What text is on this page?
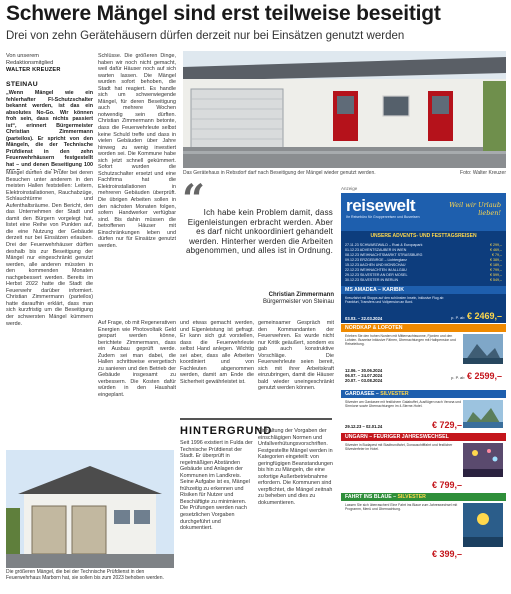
Schwere Mängel sind erst teilweise beseitigt
Drei von zehn Gerätehäusern dürfen derzeit nur bei Einsätzen genutzt werden
Von unserem Redaktionsmitglied
WALTER KREUZER
STEINAU
„Wenn Mängel wie ein fehlerhafter FI-Schutzschalter bekannt werden, ist das ein absolutes No-Go. Wir können froh sein, dass nichts passiert ist“, erinnert Bürgermeister Christian Zimmermann (parteilos). Er spricht von den Mängeln, die der Technische Prüfdienst in den zehn Feuerwehrhäusern festgestellt hat – und denen Beseitigung 100
Mängel durften die Prüfer bei deren Besuchen unter anderem in den meisten Hallen feststellen: Leitern, Elektroinstallationen, Rauchabzüge, Schlauchtürme und Aufenthaltsräume. Den Bericht, den das Unternehmen der Stadt und damit den Bürgern vorgelegt hat, listet eine Reihe von Punkten auf, die eine Nutzung der Gebäude derzeit nur bei Einsätzen erlauben. Drei der Feuerwehrhäuser dürften deshalb bis zur Beseitigung der Mängel nur eingeschränkt genutzt werden, alle anderen müssten in den kommenden Monaten nachgebessert werden. Bereits im Herbst 2022 hatte die Stadt die Feuerwehr darüber informiert. Christian Zimmermann (parteilos) hatte daraufhin erklärt, dass man sich kurzfristig um die Beseitigung der schwersten Mängel kümmern werde.
Schlüsse. Die größeren Dinge, haben wir noch nicht gemacht, weil dafür Häuser noch auf sich warten lassen. Die Mängel wurden sofort behoben, die Stadt hat reagiert. Es handle sich um schwerwiegende Mängel, für deren Beseitigung auch mehrere Wochen notwendig sein dürften. Christian Zimmermann betonte, dass die Feuerwehrleute selbst keine Schuld treffe und dass in vielen Gebäuden über Jahre hinweg zu wenig investiert worden sei. Die Kommune habe sich jetzt schnell gekümmert. Sofort wurden die Schutzschalter ersetzt und eine Fachfirma hat die Elektroinstallationen in mehreren Gebäuden überprüft. Die übrigen Arbeiten sollen in den nächsten Monaten folgen, sofern Handwerker verfügbar sind. Bis dahin müssen die betroffenen Häuser mit Einschränkungen leben und dürfen nur für Einsätze genutzt werden.
Auf Frage, ob mit Regenerativen Energien wie Photovoltaik Geld gespart werden könne, berichtete Zimmermann, dass ein Ausbau geprüft werde. Zudem sei man dabei, die Hallen schrittweise energetisch zu sanieren und den Betrieb der Gebäude insgesamt zu verbessern. Die Kosten dafür würden in den Haushalt eingeplant.
Das Gerätehaus in Rebsdorf darf nach Beseitigung der Mängel wieder genutzt werden.	Foto: Walter Kreuzer
“
Ich habe kein Problem damit, dass Eigenleistungen erbracht werden. Aber es darf nicht unkoordiniert gehandelt werden. Hinterher werden die Arbeiten abgenommen, und alles ist in Ordnung.
Christian Zimmermann
Bürgermeister von Steinau
und etwas gemacht werden, und Eigenleistung ist gefragt. Er kann sich gut vorstellen, dass die Feuerwehrleute selbst Hand anlegen. Wichtig sei aber, dass alle Arbeiten koordiniert und von Fachleuten abgenommen werden, damit am Ende die Sicherheit gewährleistet ist.
gemeinsamer Gespräch mit den Kommandanten der Feuerwehren. Es wurde nicht nur Kritik geäußert, sondern es gab auch konstruktive Vorschläge. Die Feuerwehrleute seien bereit, sich mit ihrer Arbeitskraft einzubringen, damit die Häuser bald wieder uneingeschränkt genutzt werden können.
HINTERGRUND
Seit 1996 existiert in Fulda der Technische Prüfdienst der Stadt. Er überprüft in regelmäßigen Abständen Gebäude und Anlagen der Kommunen im Landkreis. Seine Aufgabe ist es, Mängel frühzeitig zu erkennen und Risiken für Nutzer und Beschäftigte zu minimieren. Die Prüfungen werden nach gesetzlichen Vorgaben durchgeführt und dokumentiert.
Einhaltung der Vorgaben der einschlägigen Normen und Unfallverhütungsvorschriften. Festgestellte Mängel werden in Kategorien eingeteilt: von geringfügigen Beanstandungen bis hin zu Mängeln, die eine sofortige Außerbetriebnahme erfordern. Die Kommunen sind verpflichtet, die Mängel zeitnah zu beheben und dies zu dokumentieren.
Die größeren Mängel, die bei der Technische Prüfdienst in den Feuerwehrhaus Marborn hat, sie sollen bis zum 2023 behoben werden.
Anzeige
reisewelt
Ihr Reisebüro für Gruppenreisen und Busreisen
Weil wir Urlaub lieben!
UNSERE ADVENTS- UND FESTTAGSREISEN
27.11.23 SCHWARZWALD – Rust & Europapark	€ 299,–
01.12.23 ADVENTSZAUBER IN WIEN	€ 469,–
08.12.23 WEIHNACHTSMARKT STRASSBURG	€ 79,–
09.12.23 ERZGEBIRGE – Lichterglanz	€ 389,–
15.12.23 AACHEN UND MONSCHAU	€ 189,–
22.12.23 WEIHNACHTEN IM ALLGÄU	€ 799,–
29.12.23 SILVESTER AN DER MOSEL	€ 599,–
30.12.23 SILVESTER IN BERLIN	€ 549,–
MS AMADEA – KARIBIK
Kreuzfahrt mit Stopps auf den schönsten Inseln, inklusive Flug ab Frankfurt, Transfers und Vollpension an Bord.
03.03. – 22.03.2024	p. P. ab € 2469,–
NORDKAP & LOFOTEN
Erleben Sie den hohen Norden mit Mitternachtssonne, Fjorden und den Lofoten. Busreise inklusive Fähren, Übernachtungen mit Halbpension und Reiseleitung.
12.06. – 30.06.2024
06.07. – 24.07.2024
20.07. – 03.08.2024
p. P. ab € 2599,–
GARDASEE – SILVESTER
Silvester am Gardasee mit festlichem Galabuffet, Ausflügen nach Verona und Sirmione sowie Übernachtungen im 4-Sterne-Hotel.
29.12.23 – 02.01.24	€ 729,–
UNGARN – FEURIGER JAHRESWECHSEL
Silvester in Budapest mit Stadtrundfahrt, Donauschifffahrt und festlicher Silvesterfeier im Hotel.
€ 799,–
FAHRT INS BLAUE – SILVESTER
Lassen Sie sich überraschen! Eine Fahrt ins Blaue zum Jahreswechsel mit Programm, Menü und Übernachtung.
€ 399,–
